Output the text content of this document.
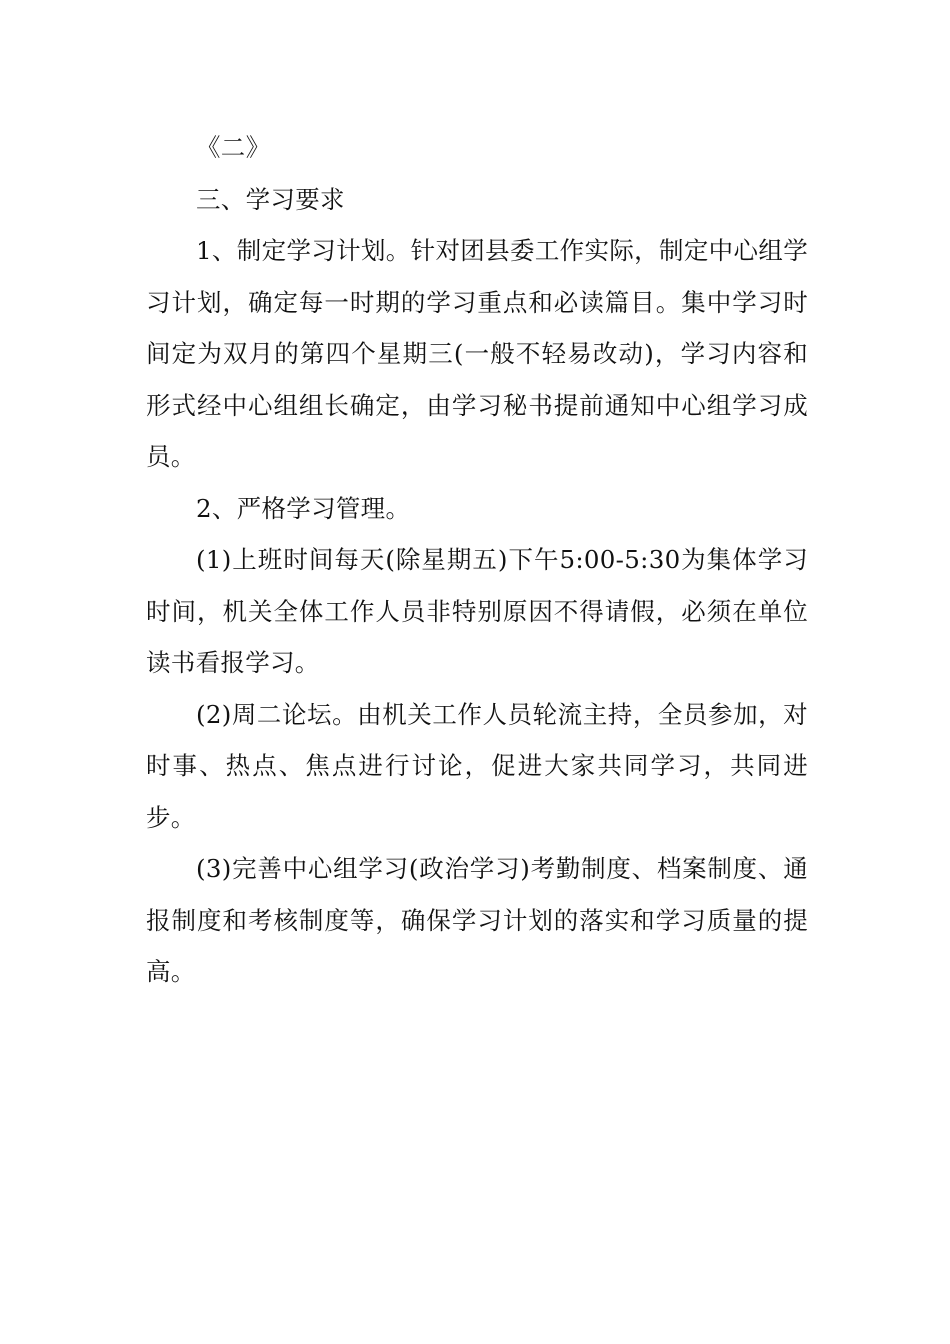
《二》

三、学习要求

1、制定学习计划。针对团县委工作实际，制定中心组学习计划，确定每一时期的学习重点和必读篇目。集中学习时间定为双月的第四个星期三(一般不轻易改动)，学习内容和形式经中心组组长确定，由学习秘书提前通知中心组学习成员。

2、严格学习管理。

(1)上班时间每天(除星期五)下午5:00-5:30为集体学习时间，机关全体工作人员非特别原因不得请假，必须在单位读书看报学习。

(2)周二论坛。由机关工作人员轮流主持，全员参加，对时事、热点、焦点进行讨论，促进大家共同学习，共同进步。

(3)完善中心组学习(政治学习)考勤制度、档案制度、通报制度和考核制度等，确保学习计划的落实和学习质量的提高。
